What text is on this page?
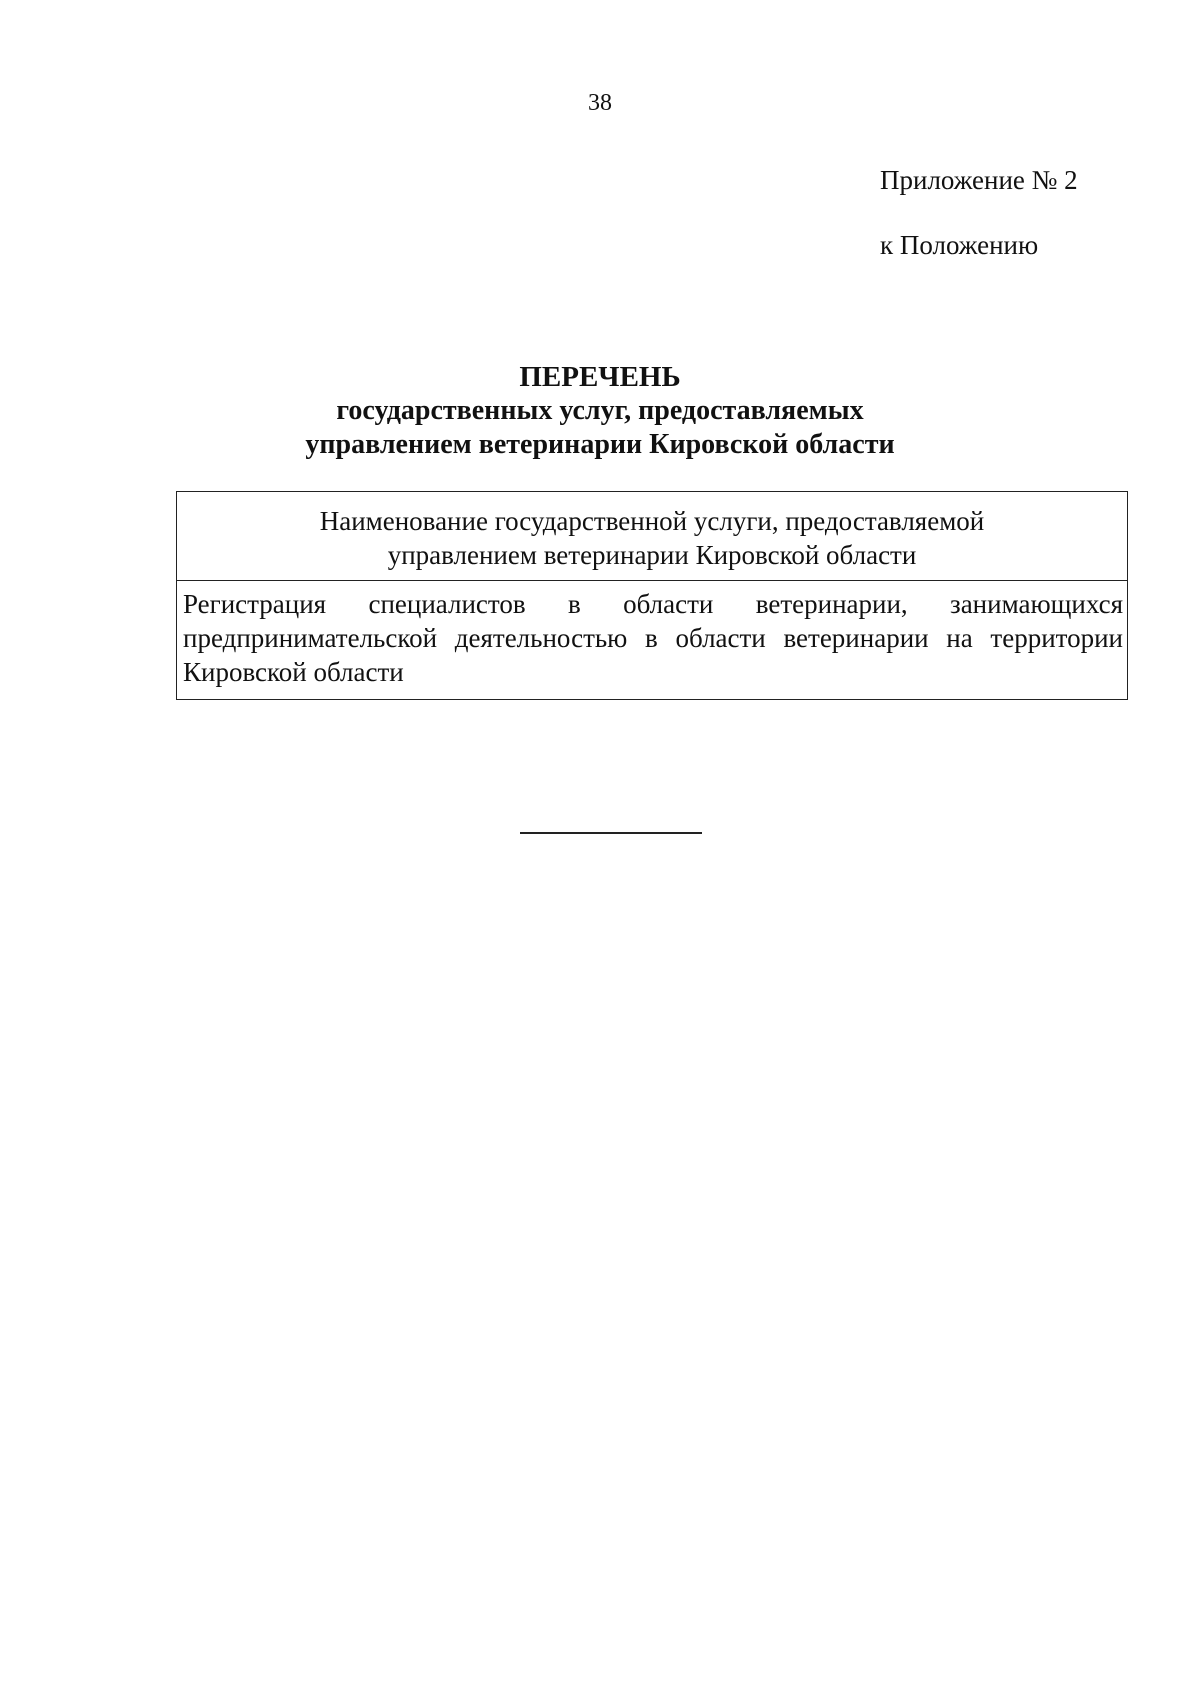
38
Приложение № 2
к Положению
ПЕРЕЧЕНЬ
государственных услуг, предоставляемых
управлением ветеринарии Кировской области
Наименование государственной услуги, предоставляемой
управлением ветеринарии Кировской области

Регистрация специалистов в области ветеринарии, занимающихся предпринимательской деятельностью в области ветеринарии на территории Кировской области
